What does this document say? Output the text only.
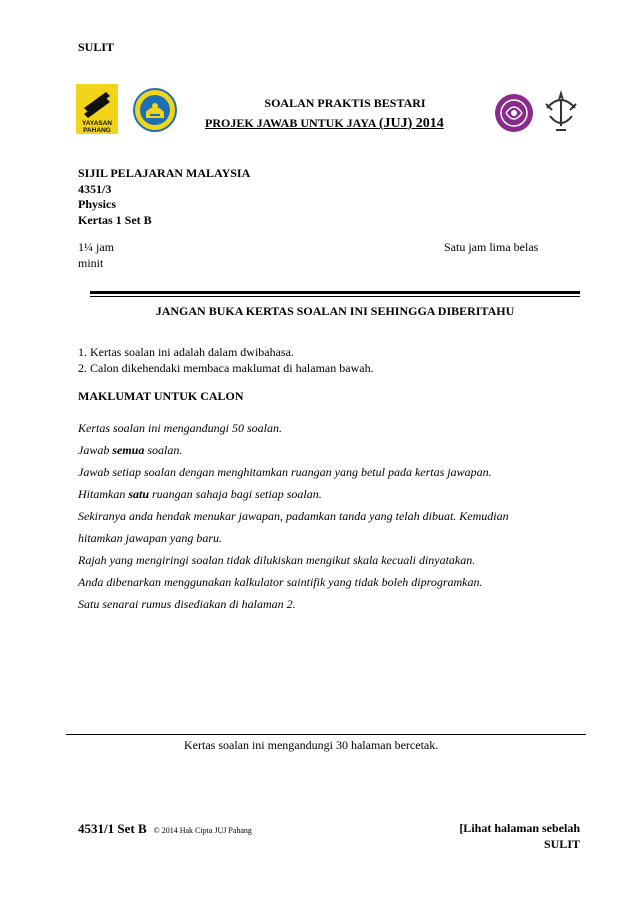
SULIT
YAYASAN
PAHANG
SOALAN PRAKTIS BESTARI
PROJEK JAWAB UNTUK JAYA (JUJ) 2014
SIJIL PELAJARAN MALAYSIA
4351/3
Physics
Kertas 1 Set B
1¼ jam	Satu jam lima belas
minit
JANGAN BUKA KERTAS SOALAN INI SEHINGGA DIBERITAHU
1. Kertas soalan ini adalah dalam dwibahasa.
2. Calon dikehendaki membaca maklumat di halaman bawah.
MAKLUMAT UNTUK CALON
Kertas soalan ini mengandungi 50 soalan.
Jawab semua soalan.
Jawab setiap soalan dengan menghitamkan ruangan yang betul pada kertas jawapan.
Hitamkan satu ruangan sahaja bagi setiap soalan.
Sekiranya anda hendak menukar jawapan, padamkan tanda yang telah dibuat. Kemudian
hitamkan jawapan yang baru.
Rajah yang mengiringi soalan tidak dilukiskan mengikut skala kecuali dinyatakan.
Anda dibenarkan menggunakan kalkulator saintifik yang tidak boleh diprogramkan.
Satu senarai rumus disediakan di halaman 2.
Kertas soalan ini mengandungi 30 halaman bercetak.
4531/1 Set B © 2014 Hak Cipta JUJ Pahang	[Lihat halaman sebelah
SULIT
